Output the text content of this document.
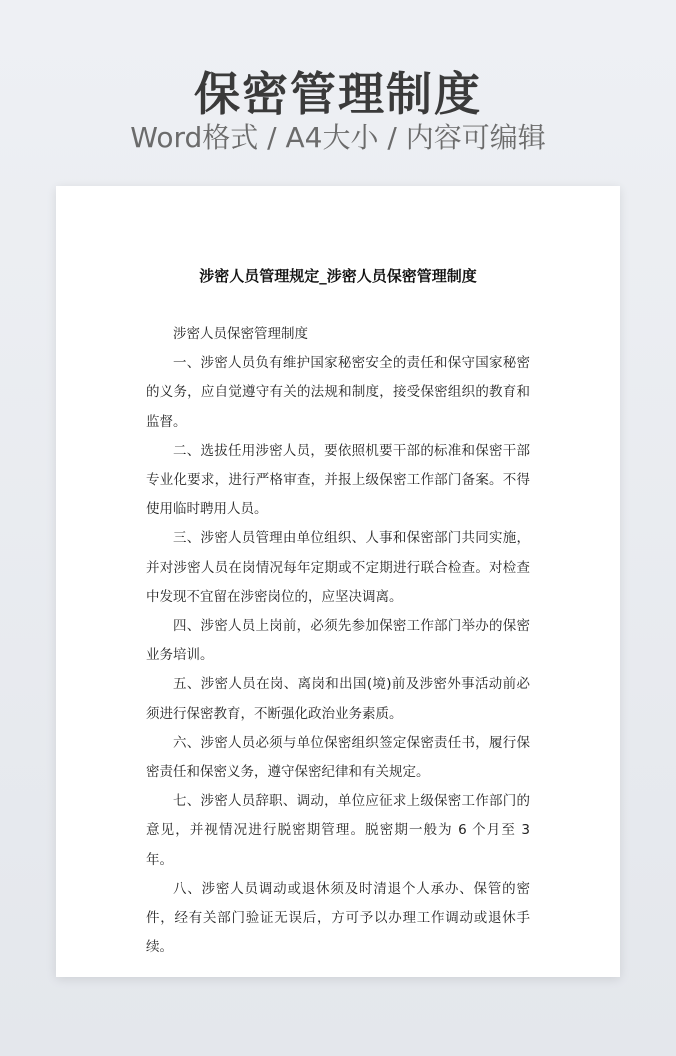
保密管理制度
Word格式 / A4大小 / 内容可编辑
涉密人员管理规定_涉密人员保密管理制度

涉密人员保密管理制度

一、涉密人员负有维护国家秘密安全的责任和保守国家秘密的义务，应自觉遵守有关的法规和制度，接受保密组织的教育和监督。

二、选拔任用涉密人员，要依照机要干部的标准和保密干部专业化要求，进行严格审查，并报上级保密工作部门备案。不得使用临时聘用人员。

三、涉密人员管理由单位组织、人事和保密部门共同实施，并对涉密人员在岗情况每年定期或不定期进行联合检查。对检查中发现不宜留在涉密岗位的，应坚决调离。

四、涉密人员上岗前，必须先参加保密工作部门举办的保密业务培训。

五、涉密人员在岗、离岗和出国(境)前及涉密外事活动前必须进行保密教育，不断强化政治业务素质。

六、涉密人员必须与单位保密组织签定保密责任书，履行保密责任和保密义务，遵守保密纪律和有关规定。

七、涉密人员辞职、调动，单位应征求上级保密工作部门的意见，并视情况进行脱密期管理。脱密期一般为 6 个月至 3 年。

八、涉密人员调动或退休须及时清退个人承办、保管的密件，经有关部门验证无误后，方可予以办理工作调动或退休手续。
